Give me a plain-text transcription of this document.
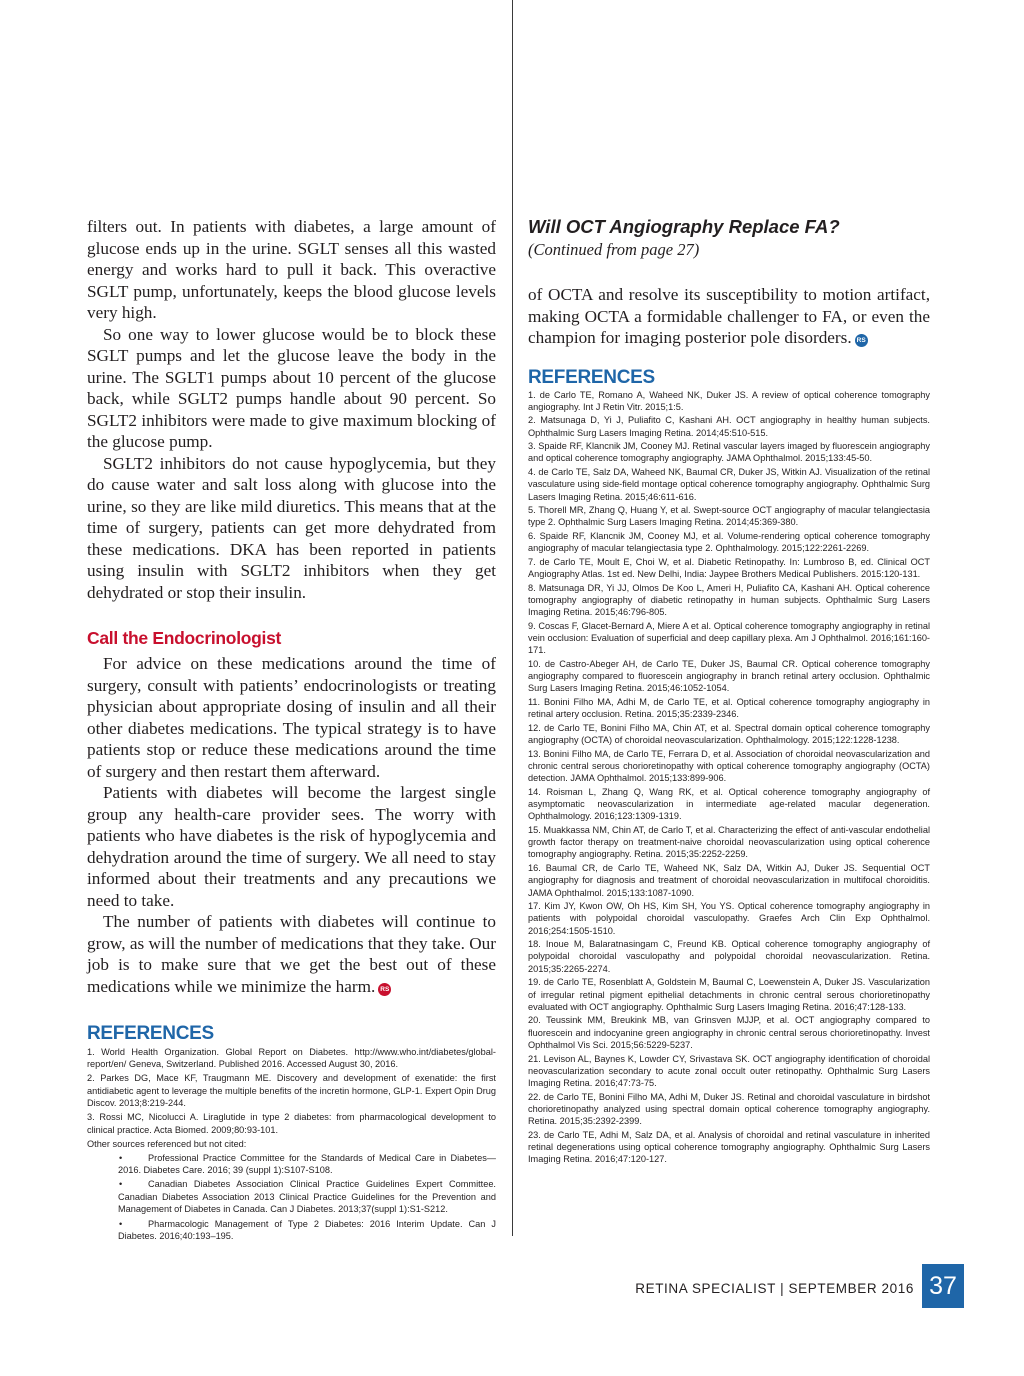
filters out. In patients with diabetes, a large amount of glucose ends up in the urine. SGLT senses all this wasted energy and works hard to pull it back. This overactive SGLT pump, unfortunately, keeps the blood glucose levels very high.

So one way to lower glucose would be to block these SGLT pumps and let the glucose leave the body in the urine. The SGLT1 pumps about 10 percent of the glucose back, while SGLT2 pumps handle about 90 percent. So SGLT2 inhibitors were made to give maximum blocking of the glucose pump.

SGLT2 inhibitors do not cause hypoglycemia, but they do cause water and salt loss along with glucose into the urine, so they are like mild diuretics. This means that at the time of surgery, patients can get more dehydrated from these medications. DKA has been reported in patients using insulin with SGLT2 inhibitors when they get dehydrated or stop their insulin.

Call the Endocrinologist

For advice on these medications around the time of surgery, consult with patients’ endocrinologists or treating physician about appropriate dosing of insulin and all their other diabetes medications. The typical strategy is to have patients stop or reduce these medications around the time of surgery and then restart them afterward.

Patients with diabetes will become the largest single group any health-care provider sees. The worry with patients who have diabetes is the risk of hypoglycemia and dehydration around the time of surgery. We all need to stay informed about their treatments and any precautions we need to take.

The number of patients with diabetes will continue to grow, as will the number of medications that they take. Our job is to make sure that we get the best out of these medications while we minimize the harm. RS

REFERENCES
1. World Health Organization. Global Report on Diabetes. http://www.who.int/diabetes/global-report/en/ Geneva, Switzerland. Published 2016. Accessed August 30, 2016.
2. Parkes DG, Mace KF, Traugmann ME. Discovery and development of exenatide: the first antidiabetic agent to leverage the multiple benefits of the incretin hormone, GLP-1. Expert Opin Drug Discov. 2013;8:219-244.
3. Rossi MC, Nicolucci A. Liraglutide in type 2 diabetes: from pharmacological development to clinical practice. Acta Biomed. 2009;80:93-101.
Other sources referenced but not cited:
• Professional Practice Committee for the Standards of Medical Care in Diabetes—2016. Diabetes Care. 2016; 39 (suppl 1):S107-S108.
• Canadian Diabetes Association Clinical Practice Guidelines Expert Committee. Canadian Diabetes Association 2013 Clinical Practice Guidelines for the Prevention and Management of Diabetes in Canada. Can J Diabetes. 2013;37(suppl 1):S1-S212.
• Pharmacologic Management of Type 2 Diabetes: 2016 Interim Update. Can J Diabetes. 2016;40:193–195.
Will OCT Angiography Replace FA?
(Continued from page 27)

of OCTA and resolve its susceptibility to motion artifact, making OCTA a formidable challenger to FA, or even the champion for imaging posterior pole disorders. RS

REFERENCES
1. de Carlo TE, Romano A, Waheed NK, Duker JS. A review of optical coherence tomography angiography. Int J Retin Vitr. 2015;1:5.
2. Matsunaga D, Yi J, Puliafito C, Kashani AH. OCT angiography in healthy human subjects. Ophthalmic Surg Lasers Imaging Retina. 2014;45:510-515.
3. Spaide RF, Klancnik JM, Cooney MJ. Retinal vascular layers imaged by fluorescein angiography and optical coherence tomography angiography. JAMA Ophthalmol. 2015;133:45-50.
4. de Carlo TE, Salz DA, Waheed NK, Baumal CR, Duker JS, Witkin AJ. Visualization of the retinal vasculature using side-field montage optical coherence tomography angiography. Ophthalmic Surg Lasers Imaging Retina. 2015;46:611-616.
5. Thorell MR, Zhang Q, Huang Y, et al. Swept-source OCT angiography of macular telangiectasia type 2. Ophthalmic Surg Lasers Imaging Retina. 2014;45:369-380.
6. Spaide RF, Klancnik JM, Cooney MJ, et al. Volume-rendering optical coherence tomography angiography of macular telangiectasia type 2. Ophthalmology. 2015;122:2261-2269.
7. de Carlo TE, Moult E, Choi W, et al. Diabetic Retinopathy. In: Lumbroso B, ed. Clinical OCT Angiography Atlas. 1st ed. New Delhi, India: Jaypee Brothers Medical Publishers. 2015:120-131.
8. Matsunaga DR, Yi JJ, Olmos De Koo L, Ameri H, Puliafito CA, Kashani AH. Optical coherence tomography angiography of diabetic retinopathy in human subjects. Ophthalmic Surg Lasers Imaging Retina. 2015;46:796-805.
9. Coscas F, Glacet-Bernard A, Miere A et al. Optical coherence tomography angiography in retinal vein occlusion: Evaluation of superficial and deep capillary plexa. Am J Ophthalmol. 2016;161:160-171.
10. de Castro-Abeger AH, de Carlo TE, Duker JS, Baumal CR. Optical coherence tomography angiography compared to fluorescein angiography in branch retinal artery occlusion. Ophthalmic Surg Lasers Imaging Retina. 2015;46:1052-1054.
11. Bonini Filho MA, Adhi M, de Carlo TE, et al. Optical coherence tomography angiography in retinal artery occlusion. Retina. 2015;35:2339-2346.
12. de Carlo TE, Bonini Filho MA, Chin AT, et al. Spectral domain optical coherence tomography angiography (OCTA) of choroidal neovascularization. Ophthalmology. 2015;122:1228-1238.
13. Bonini Filho MA, de Carlo TE, Ferrara D, et al. Association of choroidal neovascularization and chronic central serous chorioretinopathy with optical coherence tomography angiography (OCTA) detection. JAMA Ophthalmol. 2015;133:899-906.
14. Roisman L, Zhang Q, Wang RK, et al. Optical coherence tomography angiography of asymptomatic neovascularization in intermediate age-related macular degeneration. Ophthalmology. 2016;123:1309-1319.
15. Muakkassa NM, Chin AT, de Carlo T, et al. Characterizing the effect of anti-vascular endothelial growth factor therapy on treatment-naive choroidal neovascularization using optical coherence tomography angiography. Retina. 2015;35:2252-2259.
16. Baumal CR, de Carlo TE, Waheed NK, Salz DA, Witkin AJ, Duker JS. Sequential OCT angiography for diagnosis and treatment of choroidal neovascularization in multifocal choroiditis. JAMA Ophthalmol. 2015;133:1087-1090.
17. Kim JY, Kwon OW, Oh HS, Kim SH, You YS. Optical coherence tomography angiography in patients with polypoidal choroidal vasculopathy. Graefes Arch Clin Exp Ophthalmol. 2016;254:1505-1510.
18. Inoue M, Balaratnasingam C, Freund KB. Optical coherence tomography angiography of polypoidal choroidal vasculopathy and polypoidal choroidal neovascularization. Retina. 2015;35:2265-2274.
19. de Carlo TE, Rosenblatt A, Goldstein M, Baumal C, Loewenstein A, Duker JS. Vascularization of irregular retinal pigment epithelial detachments in chronic central serous chorioretinopathy evaluated with OCT angiography. Ophthalmic Surg Lasers Imaging Retina. 2016;47:128-133.
20. Teussink MM, Breukink MB, van Grinsven MJJP, et al. OCT angiography compared to fluorescein and indocyanine green angiography in chronic central serous chorioretinopathy. Invest Ophthalmol Vis Sci. 2015;56:5229-5237.
21. Levison AL, Baynes K, Lowder CY, Srivastava SK. OCT angiography identification of choroidal neovascularization secondary to acute zonal occult outer retinopathy. Ophthalmic Surg Lasers Imaging Retina. 2016;47:73-75.
22. de Carlo TE, Bonini Filho MA, Adhi M, Duker JS. Retinal and choroidal vasculature in birdshot chorioretinopathy analyzed using spectral domain optical coherence tomography angiography. Retina. 2015;35:2392-2399.
23. de Carlo TE, Adhi M, Salz DA, et al. Analysis of choroidal and retinal vasculature in inherited retinal degenerations using optical coherence tomography angiography. Ophthalmic Surg Lasers Imaging Retina. 2016;47:120-127.
RETINA SPECIALIST | SEPTEMBER 2016 37
